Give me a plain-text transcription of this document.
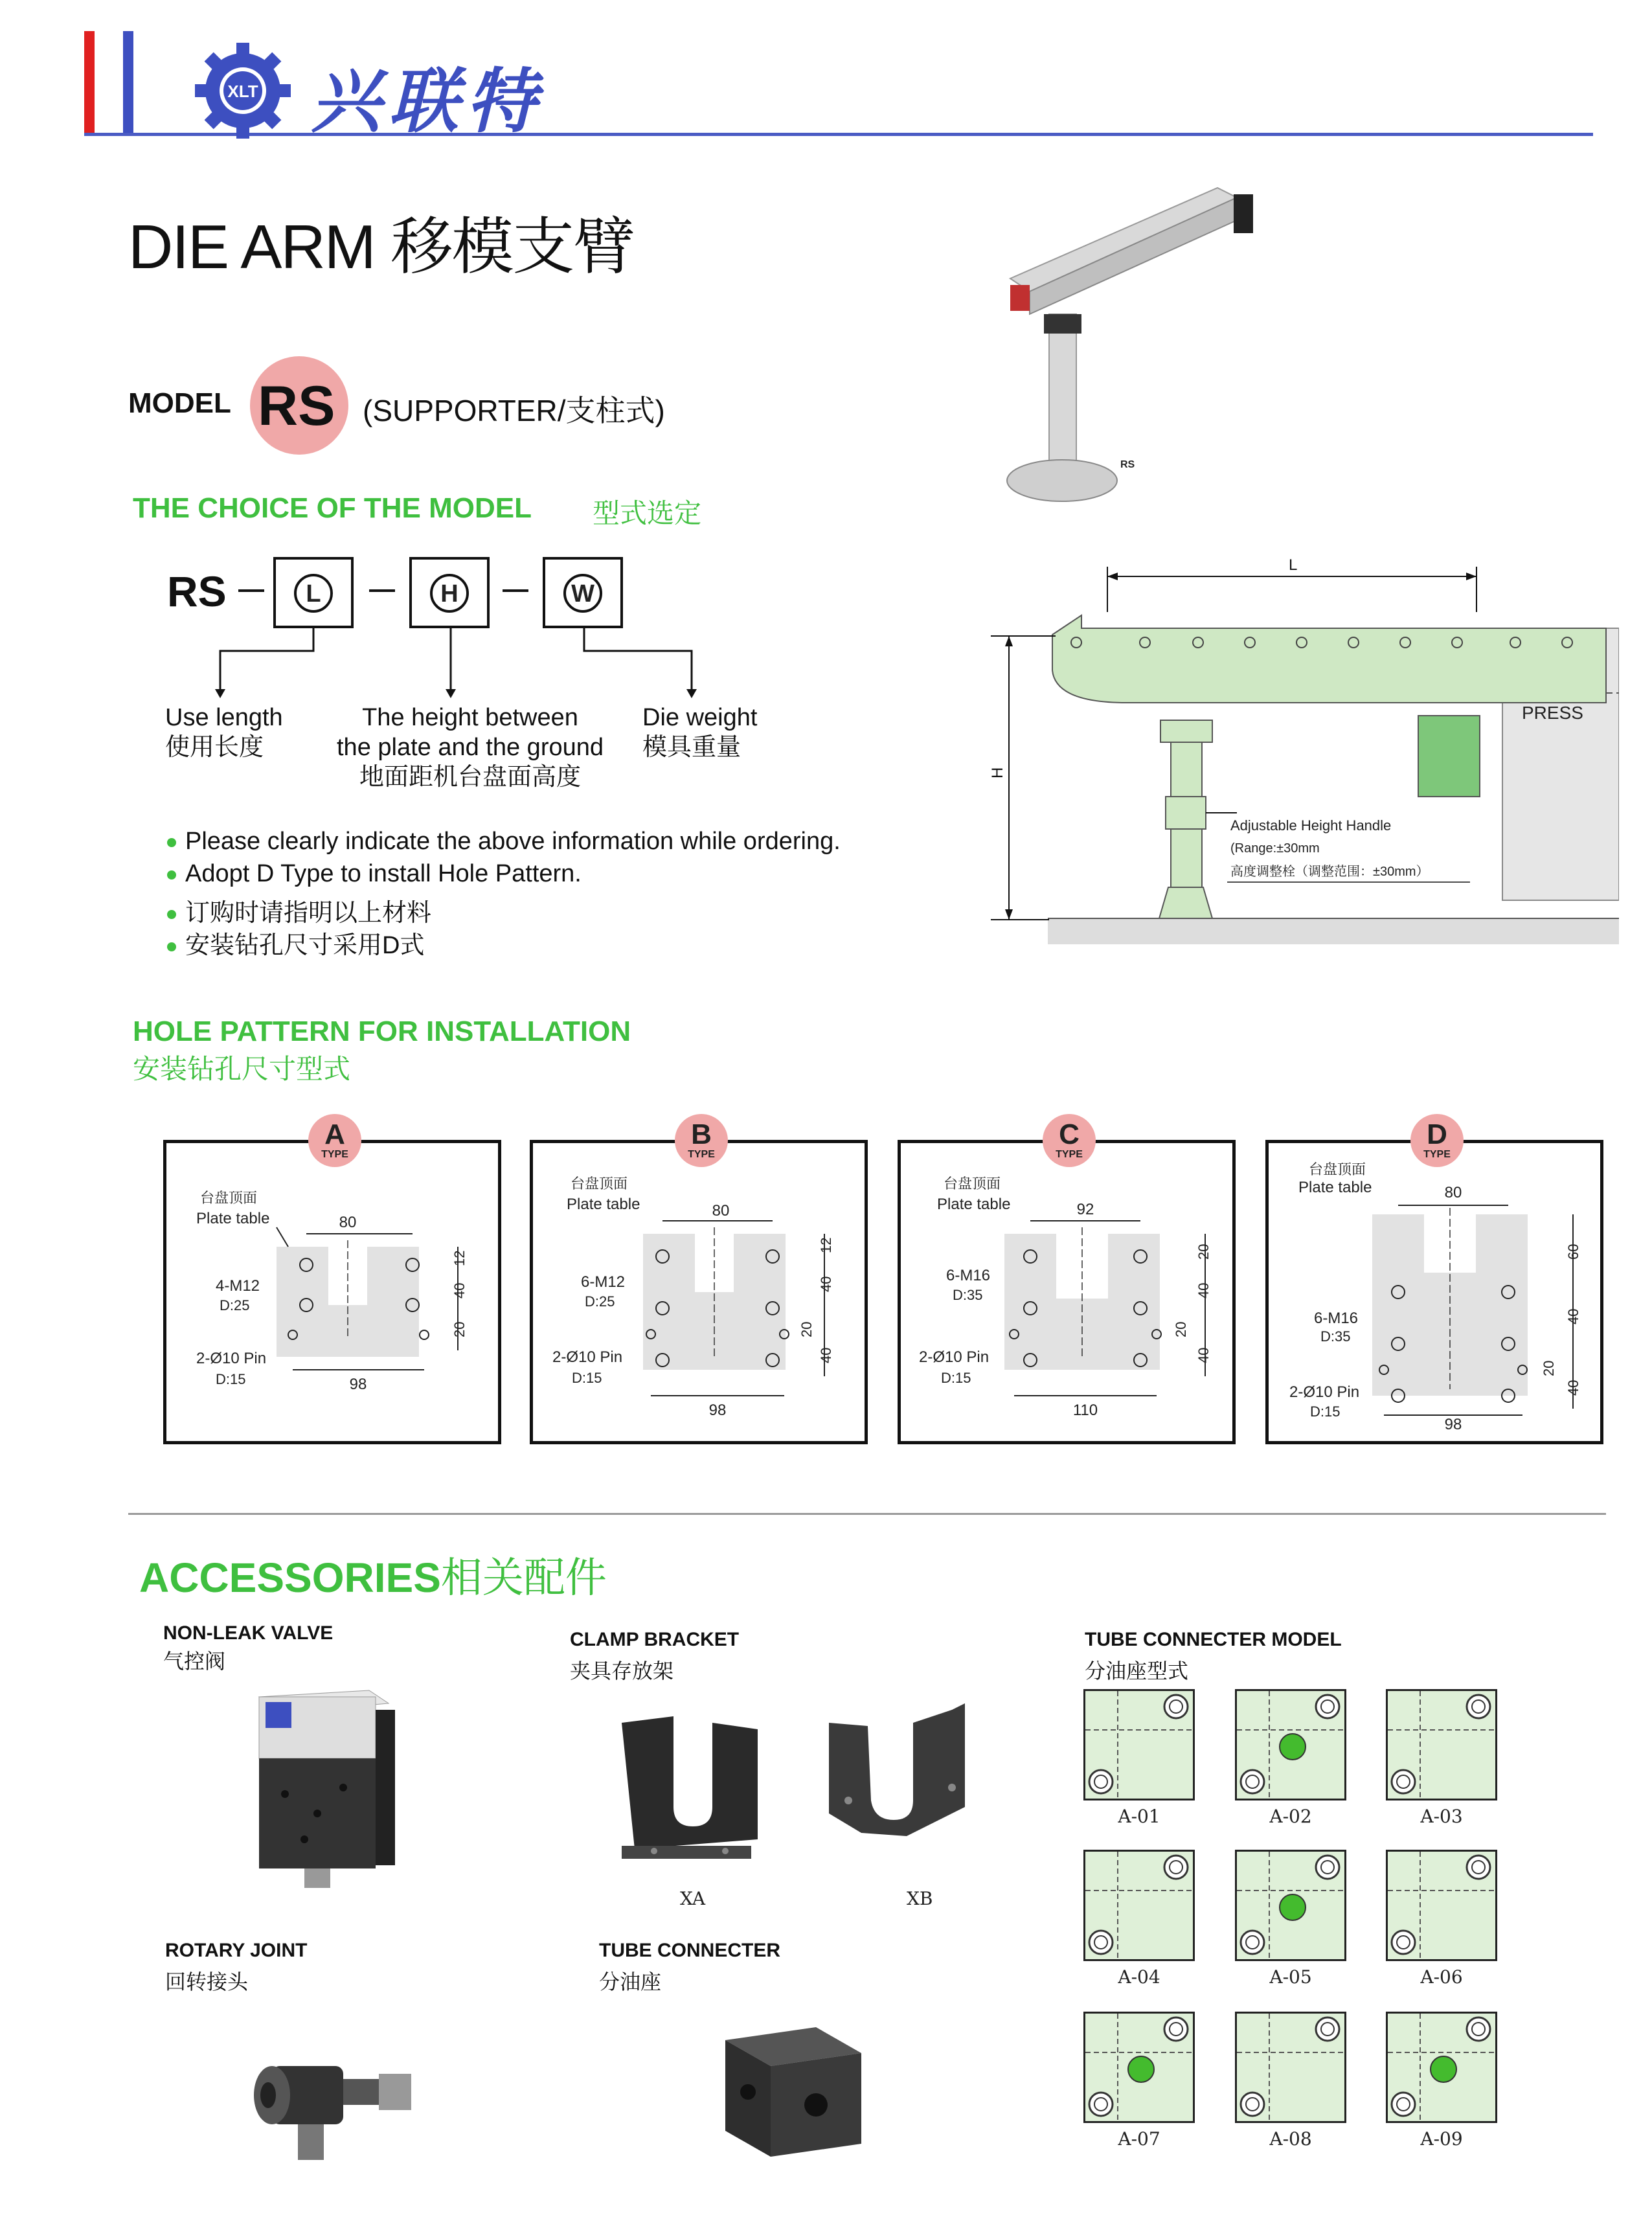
XLT 兴联特
DIE ARM 移模支臂
MODEL RS (SUPPORTER/支柱式)
RS
THE CHOICE OF THE MODEL 型式选定
RS	L	H	W
Use length
使用长度
The height between
the plate and the ground
地面距机台盘面高度
Die weight
模具重量
Please clearly indicate the above information while ordering.
Adopt D Type to install Hole Pattern.
订购时请指明以上材料
安装钻孔尺寸采用D式
PRESS
L
H
Adjustable Height Handle
(Range:±30mm
高度调整栓（调整范围：±30mm）
HOLE PATTERN FOR INSTALLATION
安装钻孔尺寸型式
台盘顶面
Plate table	80
98
4-M12
D:25
2-Ø10 Pin
D:15
12
40
20
A
TYPE
台盘顶面
Plate table	80
98
6-M12
D:25
2-Ø10 Pin
D:15
12
40
20
40
B
TYPE
台盘顶面
Plate table	92
110
6-M16
D:35
2-Ø10 Pin
D:15
20
40
20
40
C
TYPE
台盘顶面
Plate table	80
98
6-M16
D:35
2-Ø10 Pin
D:15
60
40
20
40
D
TYPE
ACCESSORIES相关配件
NON-LEAK VALVE
气控阀
CLAMP BRACKET
夹具存放架
TUBE CONNECTER MODEL
分油座型式
ROTARY JOINT
回转接头
TUBE CONNECTER
分油座
XA	XB
A-01	A-02	A-03
A-04	A-05	A-06
A-07	A-08	A-09
